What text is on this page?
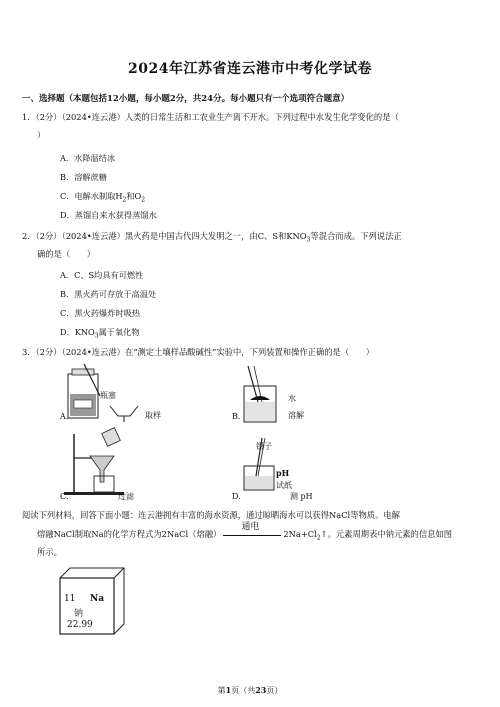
2024年江苏省连云港市中考化学试卷
一、选择题（本题包括12小题，每小题2分，共24分。每小题只有一个选项符合题意）
1．（2分）（2024•连云港）人类的日常生活和工农业生产离不开水。下列过程中水发生化学变化的是（
）
A．水降温结冰
B．溶解蔗糖
C．电解水制取$H_2$和$O_2$
D．蒸馏自来水获得蒸馏水
2．（2分）（2024•连云港）黑火药是中国古代四大发明之一，由C、S和$KNO_3$等混合而成。下列说法正
确的是（　　）
A．C、S均具有可燃性
B．黑火药可存放于高温处
C．黑火药爆炸时吸热
D．$KNO_3$属于氧化物
3．（2分）（2024•连云港）在“测定土壤样品酸碱性”实验中，下列装置和操作正确的是（　　）
A．
瓶塞
取样	B．
水
溶解
C．	过滤	D．
镊子
pH
试纸
测 pH
阅读下列材料，回答下面小题：连云港拥有丰富的海水资源，通过晾晒海水可以获得NaCl等物质。电解
熔融NaCl制取Na的化学方程式为2NaCl（熔融）
通电
$2Na+Cl_2↑$。元素周期表中钠元素的信息如图
所示。
11 Na
钠
22.99
第1页（共23页）
